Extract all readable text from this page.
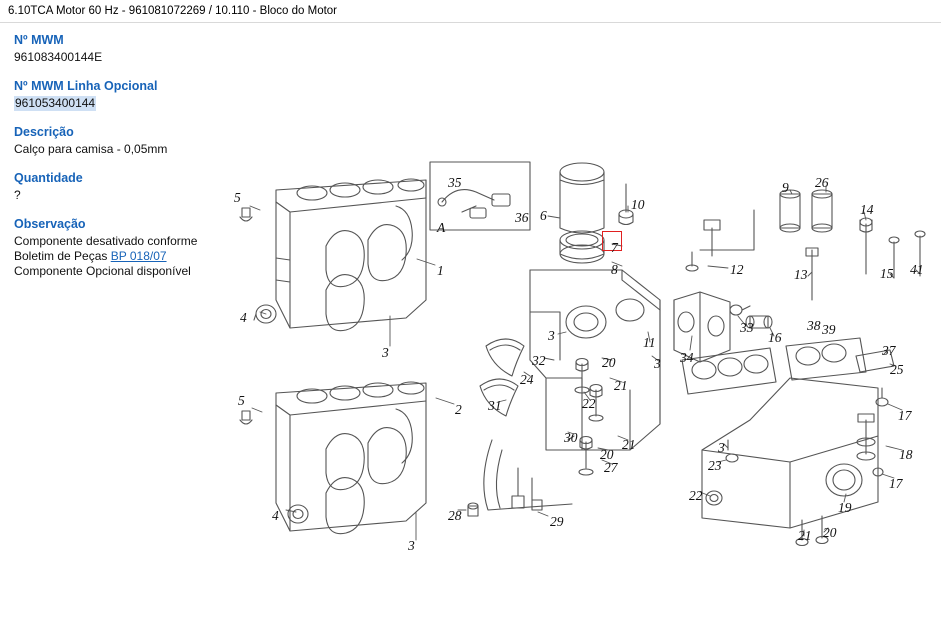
6.10TCA Motor 60 Hz - 961081072269 / 10.110 - Bloco do Motor

Nº MWM

961083400144E

Nº MWM Linha Opcional

961053400144

Descrição

Calço para camisa - 0,05mm

Quantidade

?

Observação

Componente desativado conforme
Boletim de Peças BP 018/07
Componente Opcional disponível
5
1
4
3
35
36
A
6
10
7
8	12
9 26
14
13	15 41
33
16
38 39
34
11
3
32	20	3
24	21
22
31
30	21
20
27
28	29
5
2
4
3
37
25
17
18
17
19
20
21
3
23
22
